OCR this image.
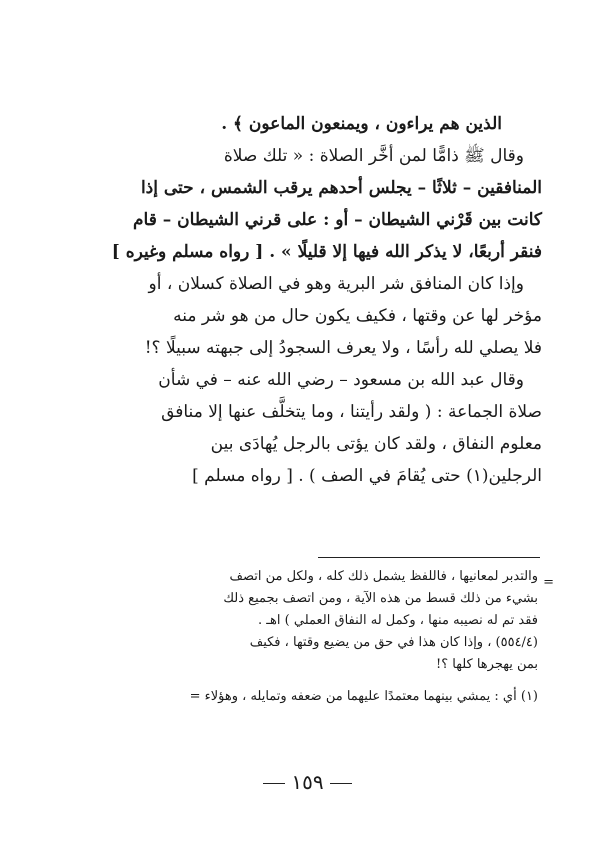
الذين هم يراءون ، ويمنعون الماعون ﴾ .
وقال ﷺ ذامًّا لمن أخَّر الصلاة : « تلك صلاة
المنافقين – ثلاثًا – يجلس أحدهم يرقب الشمس ، حتى إذا
كانت بين قَرْني الشيطان – أو : على قرني الشيطان – قام
فنقر أربعًا، لا يذكر الله فيها إلا قليلًا » . [ رواه مسلم وغيره ]
وإذا كان المنافق شر البرية وهو في الصلاة كسلان ، أو
مؤخر لها عن وقتها ، فكيف يكون حال من هو شر منه
فلا يصلي لله رأسًا ، ولا يعرف السجودُ إلى جبهته سبيلًا ؟!
وقال عبد الله بن مسعود – رضي الله عنه – في شأن
صلاة الجماعة : ( ولقد رأيتنا ، وما يتخلَّف عنها إلا منافق
معلوم النفاق ، ولقد كان يؤتى بالرجل يُهادَى بين
الرجلين(١) حتى يُقامَ في الصف ) . [ رواه مسلم ]
=
والتدبر لمعانيها ، فاللفظ يشمل ذلك كله ، ولكل من اتصف
بشيء من ذلك قسط من هذه الآية ، ومن اتصف بجميع ذلك
فقد تم له نصيبه منها ، وكمل له النفاق العملي ) اهـ .
(٥٥٤/٤) ، وإذا كان هذا في حق من يضيع وقتها ، فكيف
بمن يهجرها كلها ؟!
(١) أي : يمشي بينهما معتمدًا عليهما من ضعفه وتمايله ، وهؤلاء =
١٥٩
